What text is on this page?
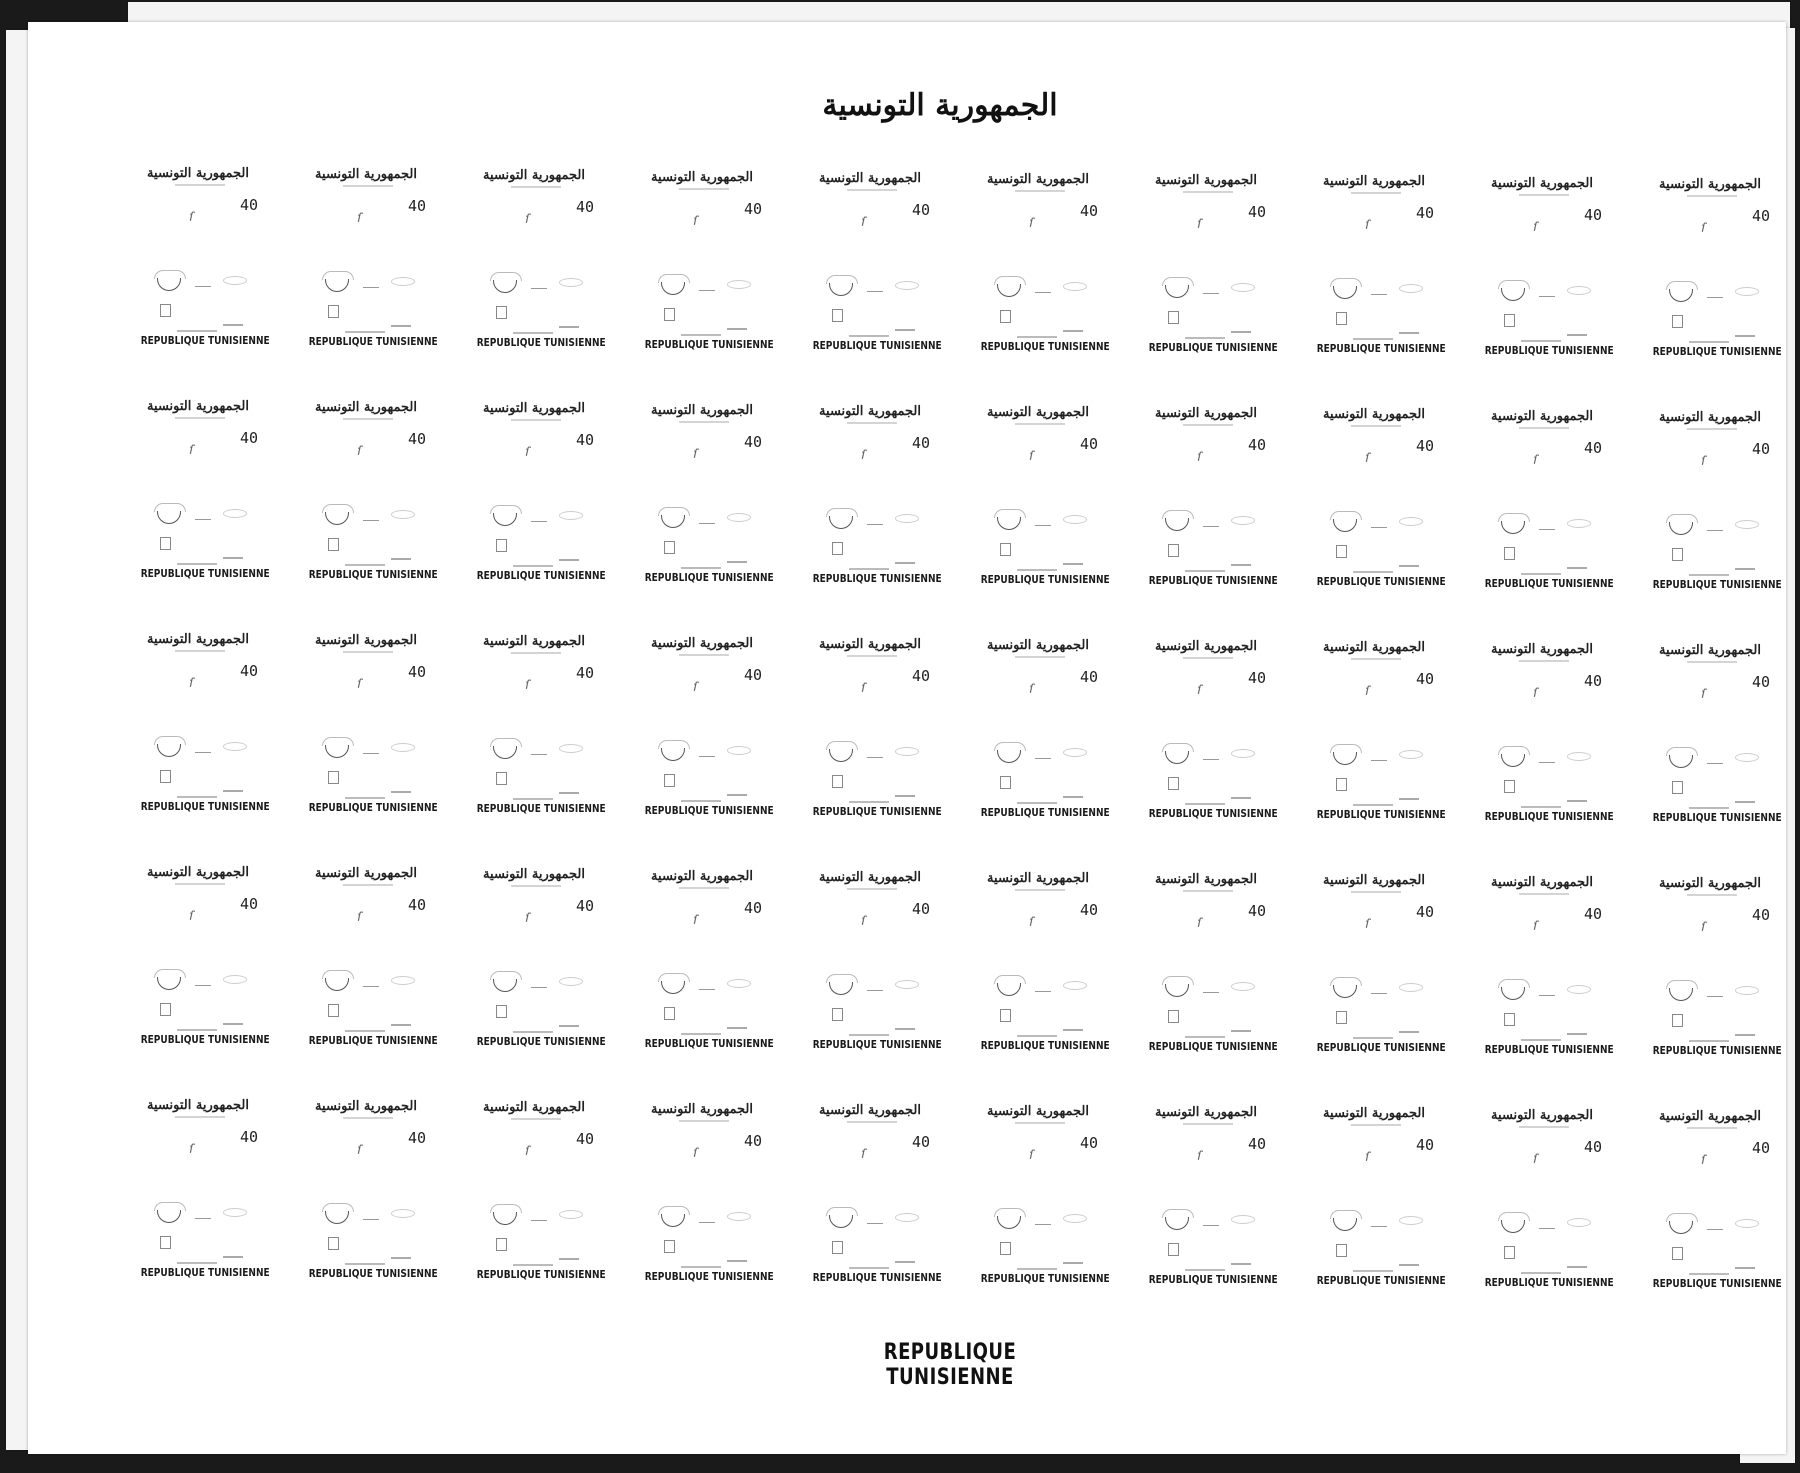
الجمهورية التونسية
الجمهورية التونسية
40
ſ
REPUBLIQUE TUNISIENNE
الجمهورية التونسية
40
ſ
REPUBLIQUE TUNISIENNE
الجمهورية التونسية
40
ſ
REPUBLIQUE TUNISIENNE
الجمهورية التونسية
40
ſ
REPUBLIQUE TUNISIENNE
الجمهورية التونسية
40
ſ
REPUBLIQUE TUNISIENNE
الجمهورية التونسية
40
ſ
REPUBLIQUE TUNISIENNE
الجمهورية التونسية
40
ſ
REPUBLIQUE TUNISIENNE
الجمهورية التونسية
40
ſ
REPUBLIQUE TUNISIENNE
الجمهورية التونسية
40
ſ
REPUBLIQUE TUNISIENNE
الجمهورية التونسية
40
ſ
REPUBLIQUE TUNISIENNE
الجمهورية التونسية
40
ſ
REPUBLIQUE TUNISIENNE
الجمهورية التونسية
40
ſ
REPUBLIQUE TUNISIENNE
الجمهورية التونسية
40
ſ
REPUBLIQUE TUNISIENNE
الجمهورية التونسية
40
ſ
REPUBLIQUE TUNISIENNE
الجمهورية التونسية
40
ſ
REPUBLIQUE TUNISIENNE
الجمهورية التونسية
40
ſ
REPUBLIQUE TUNISIENNE
الجمهورية التونسية
40
ſ
REPUBLIQUE TUNISIENNE
الجمهورية التونسية
40
ſ
REPUBLIQUE TUNISIENNE
الجمهورية التونسية
40
ſ
REPUBLIQUE TUNISIENNE
الجمهورية التونسية
40
ſ
REPUBLIQUE TUNISIENNE
الجمهورية التونسية
40
ſ
REPUBLIQUE TUNISIENNE
الجمهورية التونسية
40
ſ
REPUBLIQUE TUNISIENNE
الجمهورية التونسية
40
ſ
REPUBLIQUE TUNISIENNE
الجمهورية التونسية
40
ſ
REPUBLIQUE TUNISIENNE
الجمهورية التونسية
40
ſ
REPUBLIQUE TUNISIENNE
الجمهورية التونسية
40
ſ
REPUBLIQUE TUNISIENNE
الجمهورية التونسية
40
ſ
REPUBLIQUE TUNISIENNE
الجمهورية التونسية
40
ſ
REPUBLIQUE TUNISIENNE
الجمهورية التونسية
40
ſ
REPUBLIQUE TUNISIENNE
الجمهورية التونسية
40
ſ
REPUBLIQUE TUNISIENNE
الجمهورية التونسية
40
ſ
REPUBLIQUE TUNISIENNE
الجمهورية التونسية
40
ſ
REPUBLIQUE TUNISIENNE
الجمهورية التونسية
40
ſ
REPUBLIQUE TUNISIENNE
الجمهورية التونسية
40
ſ
REPUBLIQUE TUNISIENNE
الجمهورية التونسية
40
ſ
REPUBLIQUE TUNISIENNE
الجمهورية التونسية
40
ſ
REPUBLIQUE TUNISIENNE
الجمهورية التونسية
40
ſ
REPUBLIQUE TUNISIENNE
الجمهورية التونسية
40
ſ
REPUBLIQUE TUNISIENNE
الجمهورية التونسية
40
ſ
REPUBLIQUE TUNISIENNE
الجمهورية التونسية
40
ſ
REPUBLIQUE TUNISIENNE
الجمهورية التونسية
40
ſ
REPUBLIQUE TUNISIENNE
الجمهورية التونسية
40
ſ
REPUBLIQUE TUNISIENNE
الجمهورية التونسية
40
ſ
REPUBLIQUE TUNISIENNE
الجمهورية التونسية
40
ſ
REPUBLIQUE TUNISIENNE
الجمهورية التونسية
40
ſ
REPUBLIQUE TUNISIENNE
الجمهورية التونسية
40
ſ
REPUBLIQUE TUNISIENNE
الجمهورية التونسية
40
ſ
REPUBLIQUE TUNISIENNE
الجمهورية التونسية
40
ſ
REPUBLIQUE TUNISIENNE
الجمهورية التونسية
40
ſ
REPUBLIQUE TUNISIENNE
الجمهورية التونسية
40
ſ
REPUBLIQUE TUNISIENNE
REPUBLIQUE TUNISIENNE
